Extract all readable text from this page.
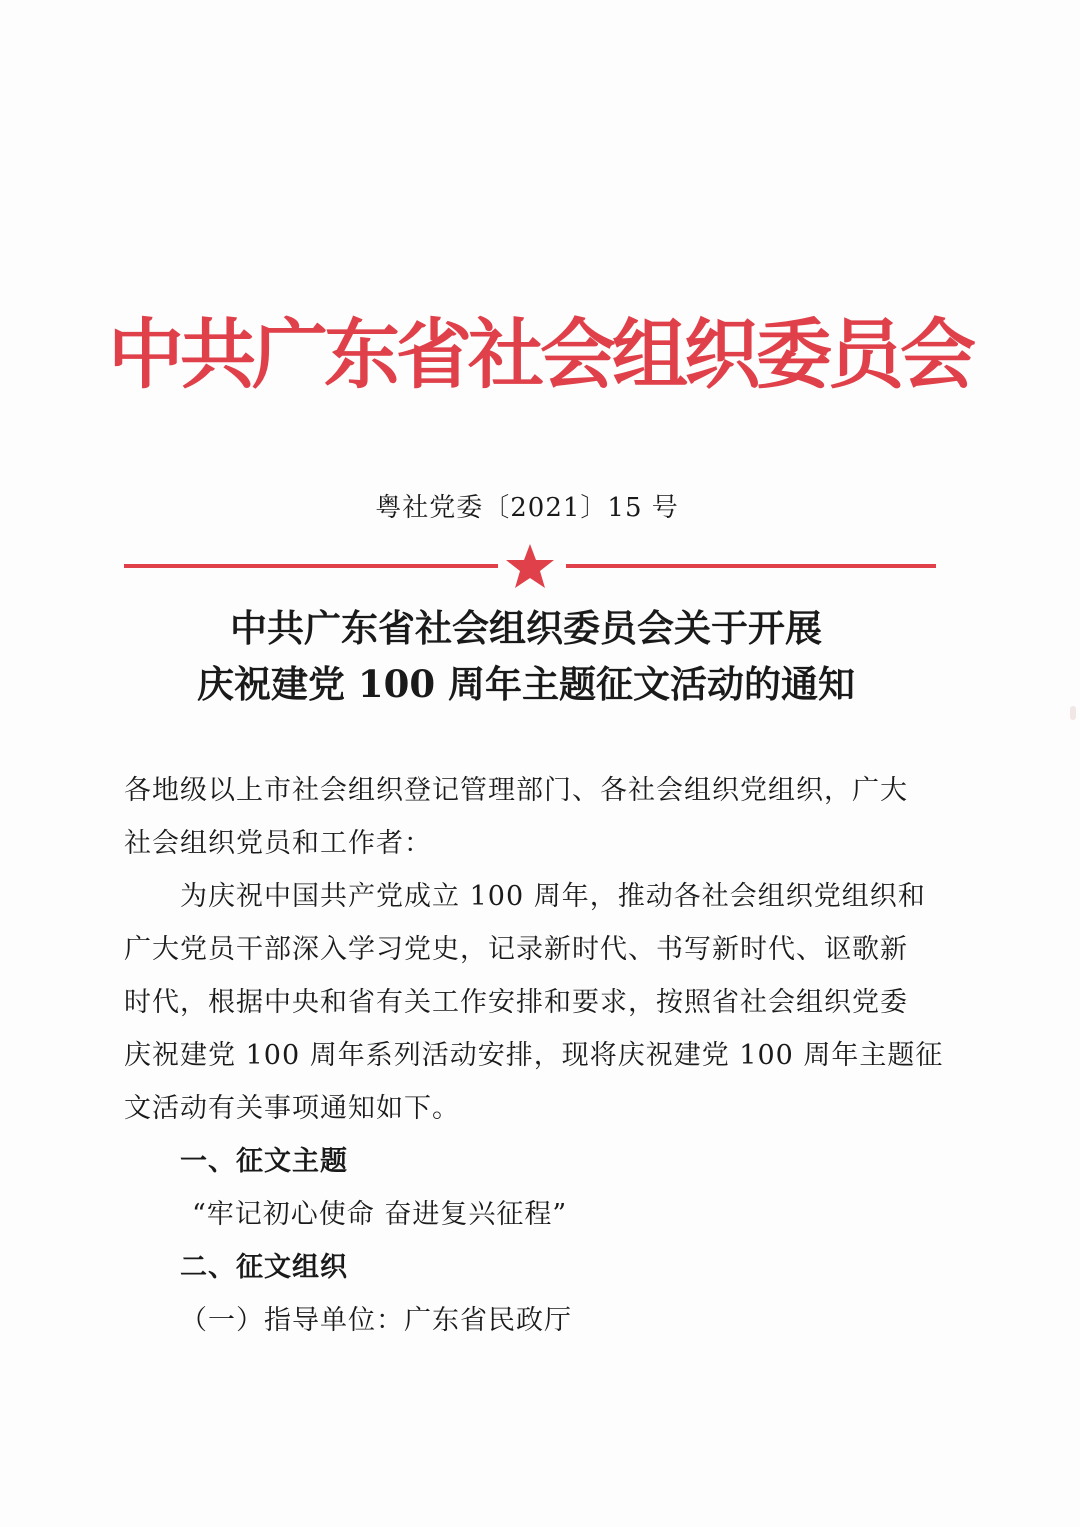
中共广东省社会组织委员会
粤社党委〔2021〕15 号
中共广东省社会组织委员会关于开展
庆祝建党 100 周年主题征文活动的通知
各地级以上市社会组织登记管理部门、各社会组织党组织，广大
社会组织党员和工作者：
为庆祝中国共产党成立 100 周年，推动各社会组织党组织和
广大党员干部深入学习党史，记录新时代、书写新时代、讴歌新
时代，根据中央和省有关工作安排和要求，按照省社会组织党委
庆祝建党 100 周年系列活动安排，现将庆祝建党 100 周年主题征
文活动有关事项通知如下。
一、征文主题
“牢记初心使命 奋进复兴征程”
二、征文组织
（一）指导单位：广东省民政厅
